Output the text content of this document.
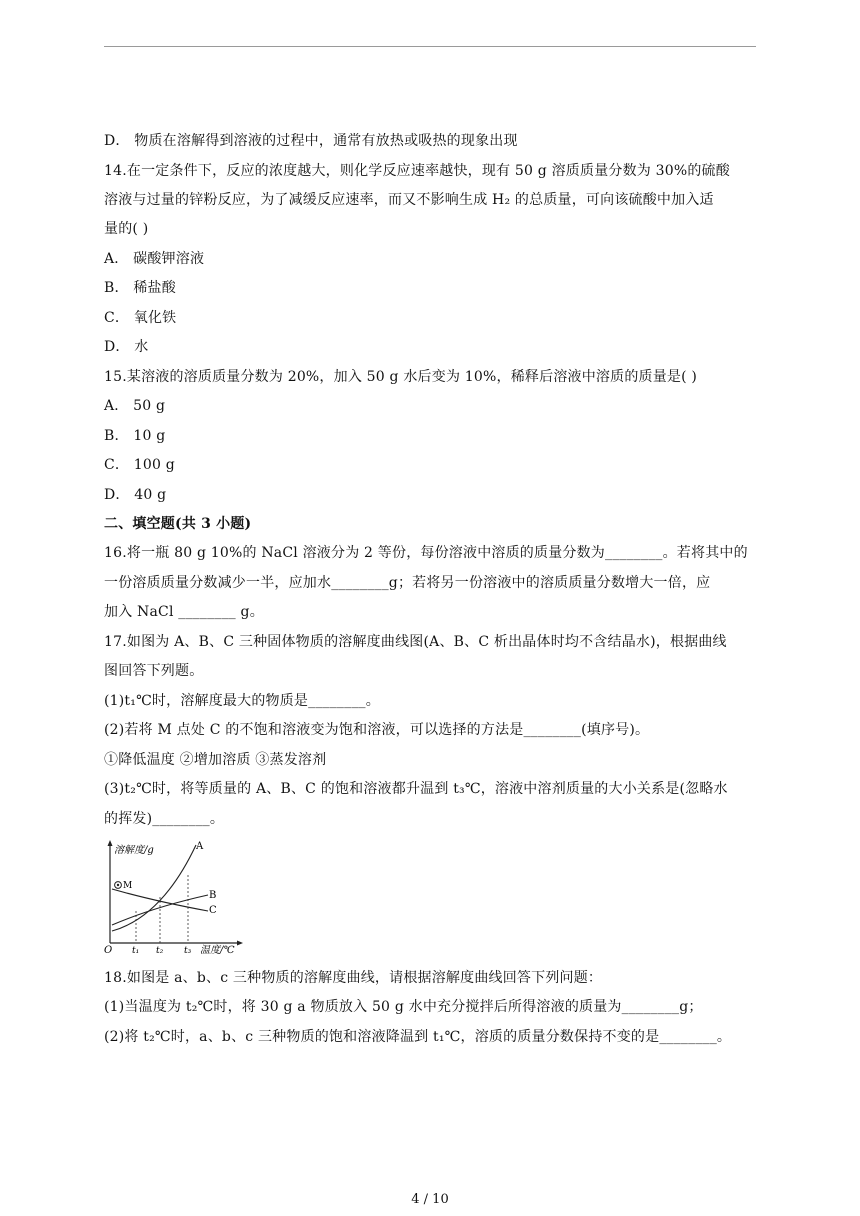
D． 物质在溶解得到溶液的过程中，通常有放热或吸热的现象出现
14.在一定条件下，反应的浓度越大，则化学反应速率越快，现有 50 g 溶质质量分数为 30%的硫酸
溶液与过量的锌粉反应，为了减缓反应速率，而又不影响生成 H₂ 的总质量，可向该硫酸中加入适
量的( )
A． 碳酸钾溶液
B． 稀盐酸
C． 氧化铁
D． 水
15.某溶液的溶质质量分数为 20%，加入 50 g 水后变为 10%，稀释后溶液中溶质的质量是( )
A． 50 g
B． 10 g
C． 100 g
D． 40 g
二、填空题(共 3 小题)
16.将一瓶 80 g 10%的 NaCl 溶液分为 2 等份，每份溶液中溶质的质量分数为________。若将其中的
一份溶质质量分数减少一半，应加水________g；若将另一份溶液中的溶质质量分数增大一倍，应
加入 NaCl ________ g。
17.如图为 A、B、C 三种固体物质的溶解度曲线图(A、B、C 析出晶体时均不含结晶水)，根据曲线
图回答下列题。
(1)t₁℃时，溶解度最大的物质是________。
(2)若将 M 点处 C 的不饱和溶液变为饱和溶液，可以选择的方法是________(填序号)。
①降低温度 ②增加溶质 ③蒸发溶剂
(3)t₂℃时，将等质量的 A、B、C 的饱和溶液都升温到 t₃℃，溶液中溶剂质量的大小关系是(忽略水
的挥发)________。
溶解度/g
M
A
B
C
O t₁ t₂ t₃ 温度/℃
18.如图是 a、b、c 三种物质的溶解度曲线，请根据溶解度曲线回答下列问题：
(1)当温度为 t₂℃时，将 30 g a 物质放入 50 g 水中充分搅拌后所得溶液的质量为________g；
(2)将 t₂℃时，a、b、c 三种物质的饱和溶液降温到 t₁℃，溶质的质量分数保持不变的是________。
4 / 10
